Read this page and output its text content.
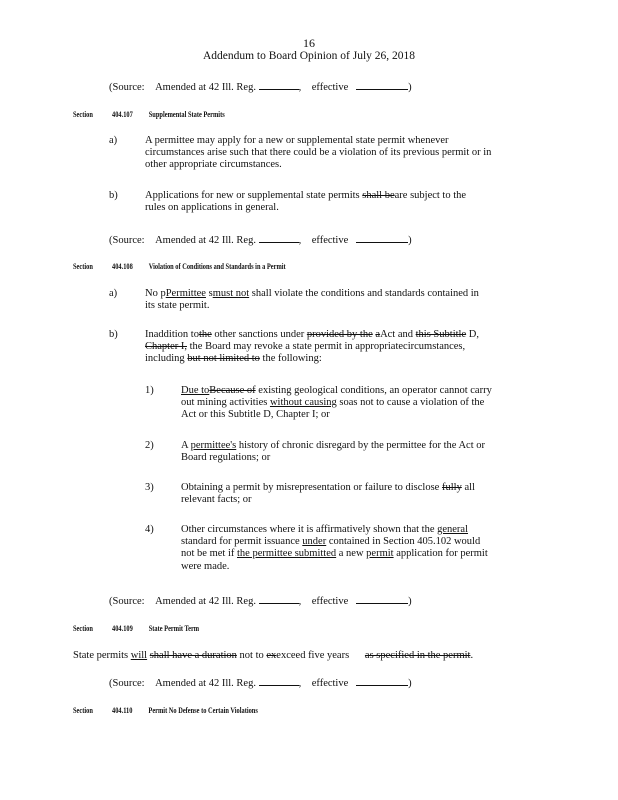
16
Addendum to Board Opinion of July 26, 2018
(Source: Amended at 42 Ill. Reg.	, effective	)
Section 404.107 Supplemental State Permits
a)	A permittee may apply for a new or supplemental state permit whenever
circumstances arise such that there could be a violation of its previous permit or in
other appropriate circumstances.
b)	Applications for new or supplemental state permits shall beare subject to the
rules on applications in general.
(Source: Amended at 42 Ill. Reg.	, effective	)
Section 404.108 Violation of Conditions and Standards in a Permit
a)	No pPermittee smust not shall violate the conditions and standards contained in
its state permit.
b)	Inaddition tothe other sanctions under provided by the aAct and this Subtitle D,
Chapter I, the Board may revoke a state permit in appropriatecircumstances,
including but not limited to the following:
1)	Due toBecause of existing geological conditions, an operator cannot carry
out mining activities without causing soas not to cause a violation of the
Act or this Subtitle D, Chapter I; or
2)	A permittee's history of chronic disregard by the permittee for the Act or
Board regulations; or
3)	Obtaining a permit by misrepresentation or failure to disclose fully all
relevant facts; or
4)	Other circumstances where it is affirmatively shown that the general
standard for permit issuance under contained in Section 405.102 would
not be met if the permittee submitted a new permit application for permit
were made.
(Source: Amended at 42 Ill. Reg.	, effective	)
Section 404.109 State Permit Term
State permits will shall have a duration not to exexceed five years      as specified in the permit.
(Source: Amended at 42 Ill. Reg.	, effective	)
Section 404.110 Permit No Defense to Certain Violations
